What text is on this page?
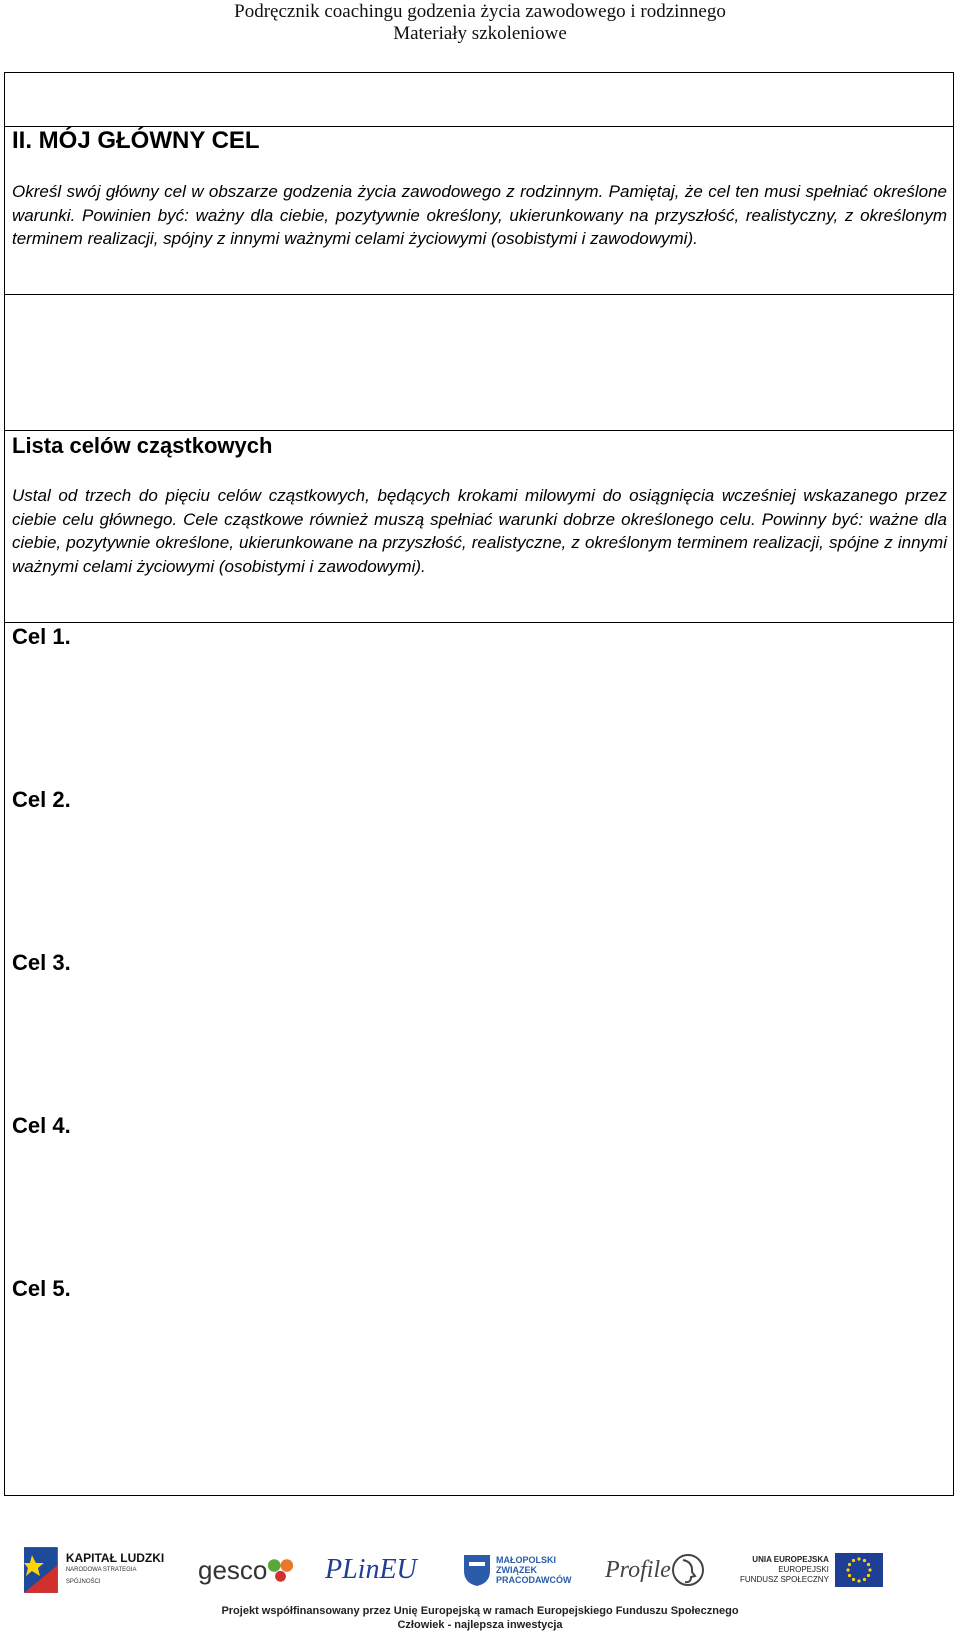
Podręcznik coachingu godzenia życia zawodowego i rodzinnego
Materiały szkoleniowe
II. MÓJ GŁÓWNY CEL
Określ swój główny cel w obszarze godzenia życia zawodowego z rodzinnym. Pamiętaj, że cel ten musi spełniać określone warunki. Powinien być: ważny dla ciebie, pozytywnie określony, ukierunkowany na przyszłość, realistyczny, z określonym terminem realizacji, spójny z innymi ważnymi celami życiowymi (osobistymi i zawodowymi).
Lista celów cząstkowych
Ustal od trzech do pięciu celów cząstkowych, będących krokami milowymi do osiągnięcia wcześniej wskazanego przez ciebie celu głównego. Cele cząstkowe również muszą spełniać warunki dobrze określonego celu. Powinny być: ważne dla ciebie, pozytywnie określone, ukierunkowane na przyszłość, realistyczne, z określonym terminem realizacji, spójne z innymi ważnymi celami życiowymi (osobistymi i zawodowymi).
Cel 1.
Cel 2.
Cel 3.
Cel 4.
Cel 5.
KAPITAŁ LUDZKI
NARODOWA STRATEGIA SPÓJNOŚCI	gesco PLinEU	MAŁOPOLSKI ZWIĄZEK PRACODAWCÓW Profile	UNIA EUROPEJSKA
EUROPEJSKI
FUNDUSZ SPOŁECZNY
Projekt współfinansowany przez Unię Europejską w ramach Europejskiego Funduszu Społecznego
Człowiek - najlepsza inwestycja
